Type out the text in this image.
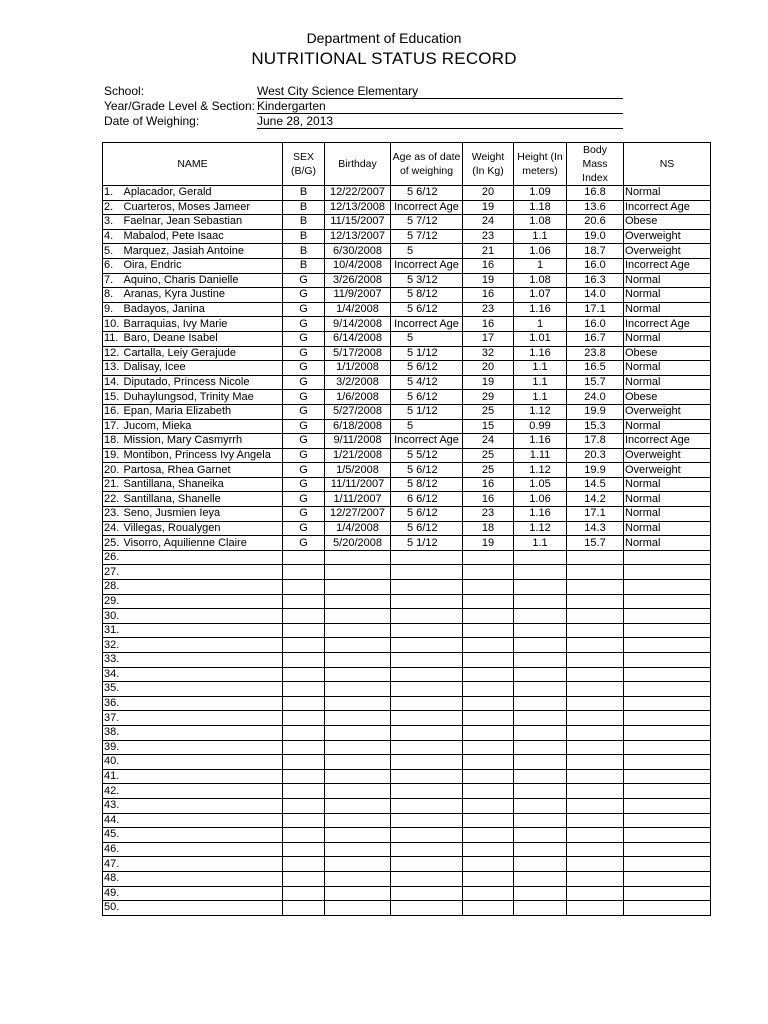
Department of Education
NUTRITIONAL STATUS RECORD
School:	West City Science Elementary
Year/Grade Level & Section: Kindergarten
Date of Weighing:	June 28, 2013
NAME		SEX (B/G)	Birthday	Age as of date of weighing	Weight (In Kg)	Height (In meters)	Body Mass Index	NS
1.	Aplacador, Gerald	B	12/22/2007	5 6/12	20	1.09	16.8	Normal
2.	Cuarteros, Moses Jameer	B	12/13/2008	Incorrect Age	19	1.18	13.6	Incorrect Age
3.	Faelnar, Jean Sebastian	B	11/15/2007	5 7/12	24	1.08	20.6	Obese
4.	Mabalod, Pete Isaac	B	12/13/2007	5 7/12	23	1.1	19.0	Overweight
5.	Marquez, Jasiah Antoine	B	6/30/2008	5	21	1.06	18.7	Overweight
6.	Oira, Endric	B	10/4/2008	Incorrect Age	16	1	16.0	Incorrect Age
7.	Aquino, Charis Danielle	G	3/26/2008	5 3/12	19	1.08	16.3	Normal
8.	Aranas, Kyra Justine	G	11/9/2007	5 8/12	16	1.07	14.0	Normal
9.	Badayos, Janina	G	1/4/2008	5 6/12	23	1.16	17.1	Normal
10.	Barraquias, Ivy Marie	G	9/14/2008	Incorrect Age	16	1	16.0	Incorrect Age
11.	Baro, Deane Isabel	G	6/14/2008	5	17	1.01	16.7	Normal
12.	Cartalla, Leiy Gerajude	G	5/17/2008	5 1/12	32	1.16	23.8	Obese
13.	Dalisay, Icee	G	1/1/2008	5 6/12	20	1.1	16.5	Normal
14.	Diputado, Princess Nicole	G	3/2/2008	5 4/12	19	1.1	15.7	Normal
15.	Duhaylungsod, Trinity Mae	G	1/6/2008	5 6/12	29	1.1	24.0	Obese
16.	Epan, Maria Elizabeth	G	5/27/2008	5 1/12	25	1.12	19.9	Overweight
17.	Jucom, Mieka	G	6/18/2008	5	15	0.99	15.3	Normal
18.	Mission, Mary Casmyrrh	G	9/11/2008	Incorrect Age	24	1.16	17.8	Incorrect Age
19.	Montibon, Princess Ivy Angela	G	1/21/2008	5 5/12	25	1.11	20.3	Overweight
20.	Partosa, Rhea Garnet	G	1/5/2008	5 6/12	25	1.12	19.9	Overweight
21.	Santillana, Shaneika	G	11/11/2007	5 8/12	16	1.05	14.5	Normal
22.	Santillana, Shanelle	G	1/11/2007	6 6/12	16	1.06	14.2	Normal
23.	Seno, Jusmien Ieya	G	12/27/2007	5 6/12	23	1.16	17.1	Normal
24.	Villegas, Roualygen	G	1/4/2008	5 6/12	18	1.12	14.3	Normal
25.	Visorro, Aquilienne Claire	G	5/20/2008	5 1/12	19	1.1	15.7	Normal
26.								
27.								
28.								
29.								
30.								
31.								
32.								
33.								
34.								
35.								
36.								
37.								
38.								
39.								
40.								
41.								
42.								
43.								
44.								
45.								
46.								
47.								
48.								
49.								
50.								
